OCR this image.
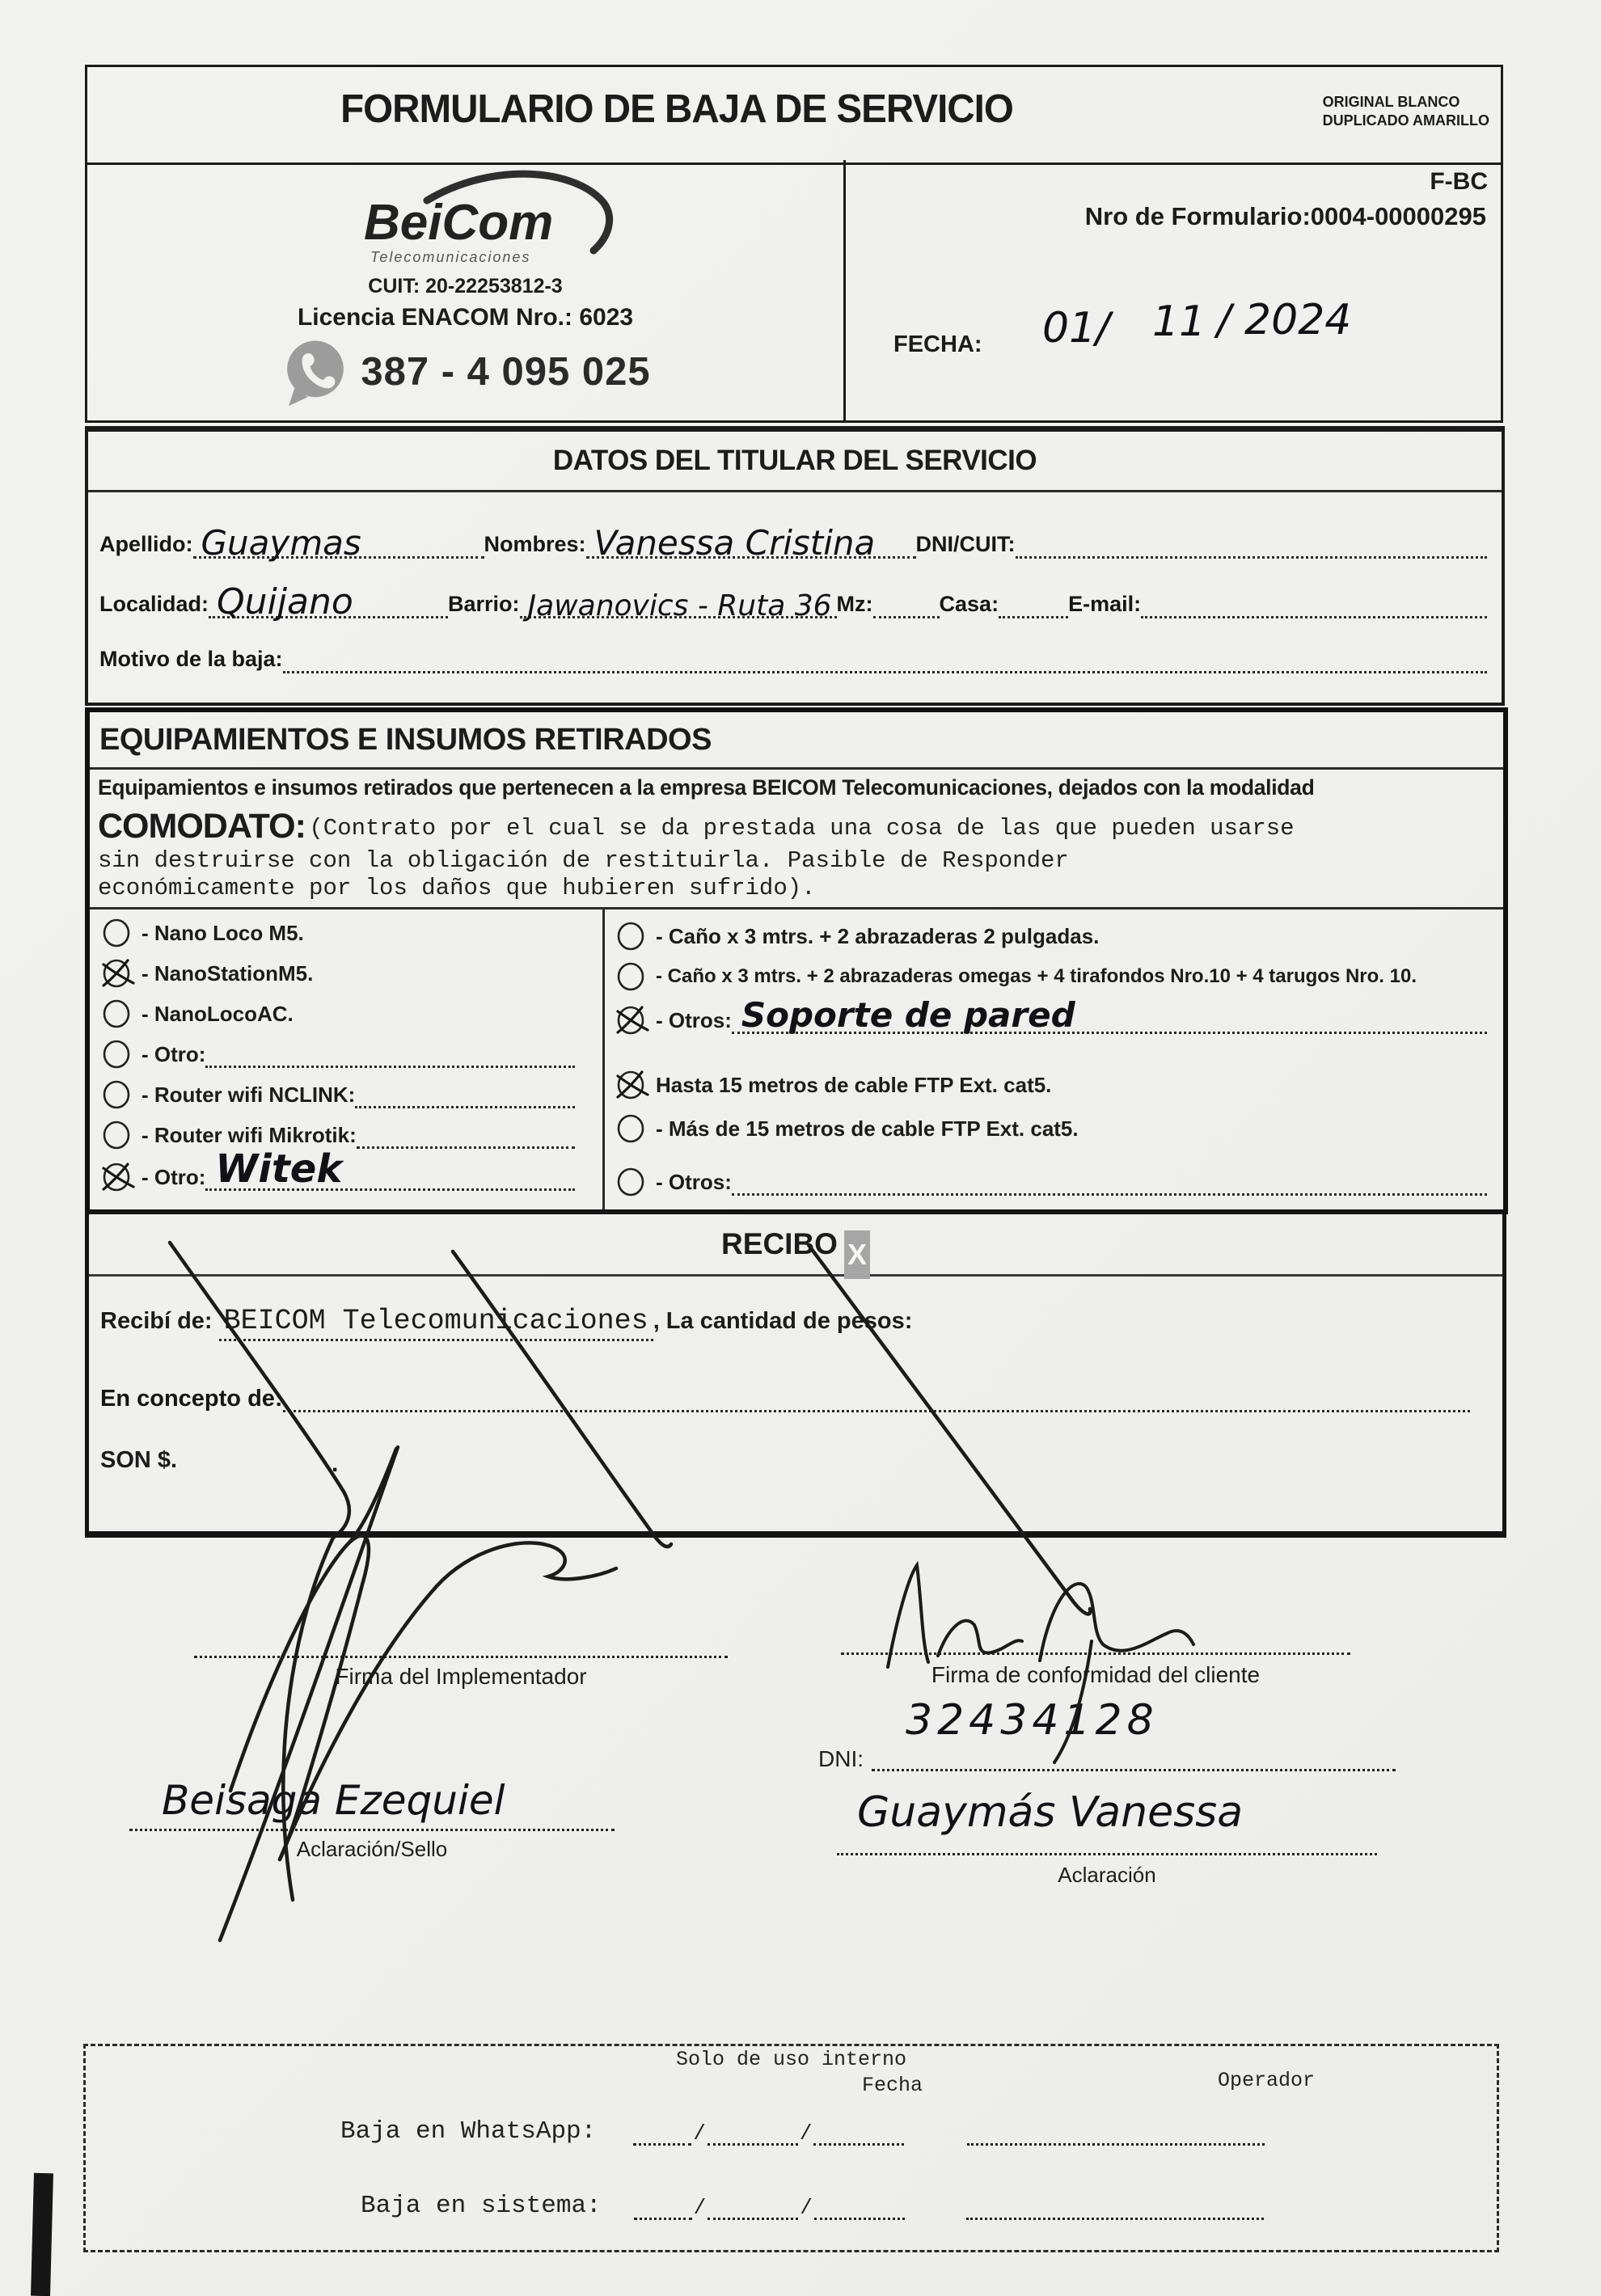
FORMULARIO DE BAJA DE SERVICIO	ORIGINAL BLANCO
DUPLICADO AMARILLO
BeiCom
Telecomunicaciones
CUIT: 20-22253812-3
Licencia ENACOM Nro.: 6023
387 - 4 095 025
F-BC
Nro de Formulario:0004-00000295
FECHA: 01/ 11 / 2024
DATOS DEL TITULAR DEL SERVICIO
Apellido: Guaymas	Nombres: Vanessa Cristina DNI/CUIT:
Localidad: Quijano	Barrio: Jawanovics - Ruta 36 Mz:	Casa:	E-mail:
Motivo de la baja:
EQUIPAMIENTOS E INSUMOS RETIRADOS
Equipamientos e insumos retirados que pertenecen a la empresa BEICOM Telecomunicaciones, dejados con la modalidad
COMODATO: (Contrato por el cual se da prestada una cosa de las que pueden usarse
sin destruirse con la obligación de restituirla. Pasible de Responder
económicamente por los daños que hubieren sufrido).
- Nano Loco M5.
- NanoStationM5.
- NanoLocoAC.
- Otro:
- Router wifi NCLINK:
- Router wifi Mikrotik:
- Otro: Witek
- Caño x 3 mtrs. + 2 abrazaderas 2 pulgadas.
- Caño x 3 mtrs. + 2 abrazaderas omegas + 4 tirafondos Nro.10 + 4 tarugos Nro. 10.
- Otros: Soporte de pared
Hasta 15 metros de cable FTP Ext. cat5.
- Más de 15 metros de cable FTP Ext. cat5.
- Otros:
RECIBO X
Recibí de: BEICOM Telecomunicaciones , La cantidad de pesos:
En concepto de:
SON $.	.
Firma del Implementador	Firma de conformidad del cliente
DNI:
32434128
Beisaga Ezequiel
Aclaración/Sello
Guaymás Vanessa
Aclaración
Solo de uso interno
Fecha	Operador
Baja en WhatsApp:	/	/
Baja en sistema:	/	/
